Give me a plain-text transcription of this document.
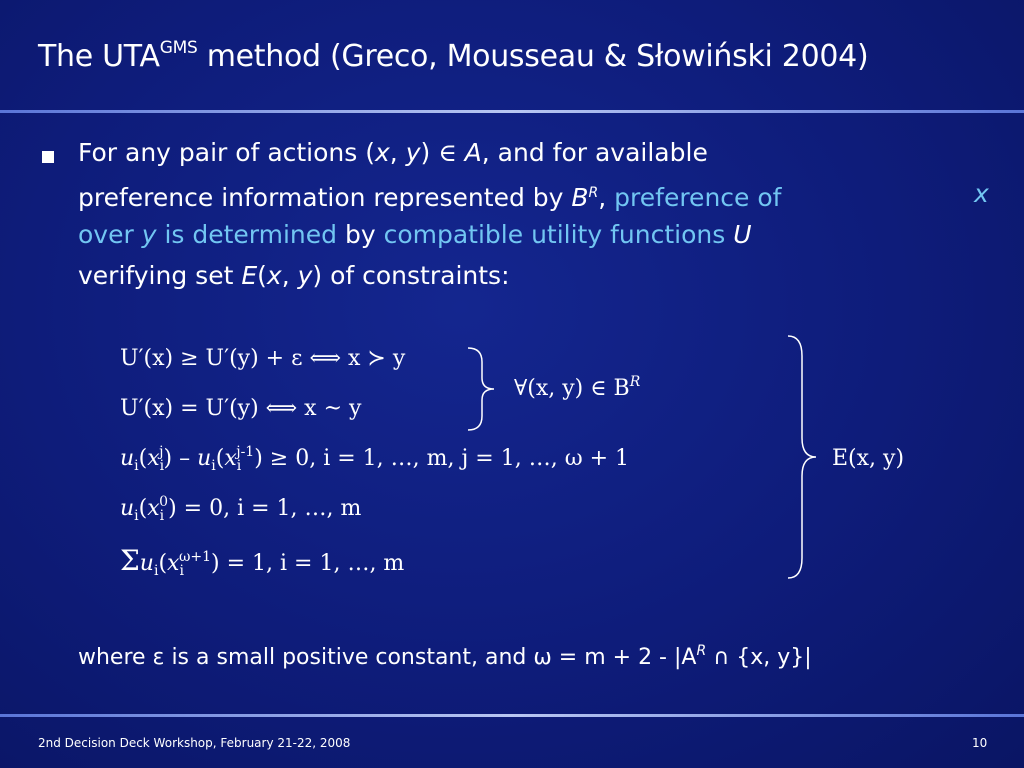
The $UTA^{GMS}$ method (Greco, Mousseau & Słowiński 2004)
For any pair of actions (x, y) ∈ A, and for available
preference information represented by $B^R$, preference of	x
over y is determined by compatible utility functions U
verifying set E(x, y) of constraints:
U′(x) ≥ U′(y) + ε ⟺ x ≻ y
U′(x) = U′(y) ⟺ x ~ y
$u_i(x_i^j) - u_i(x_i^{j-1}) \ge 0$, i = 1, …, m, j = 1, …, ω + 1
$u_i(x_i^0) = 0$, i = 1, …, m
$\Sigma u_i(x_i^{\omega+1}) = 1$, i = 1, …, m
∀(x, y) ∈ $B^R$
E(x, y)
where ε is a small positive constant, and $\omega = m + 2 - |A^R$ ∩ {x, y}|
2nd Decision Deck Workshop, February 21-22, 2008	10
